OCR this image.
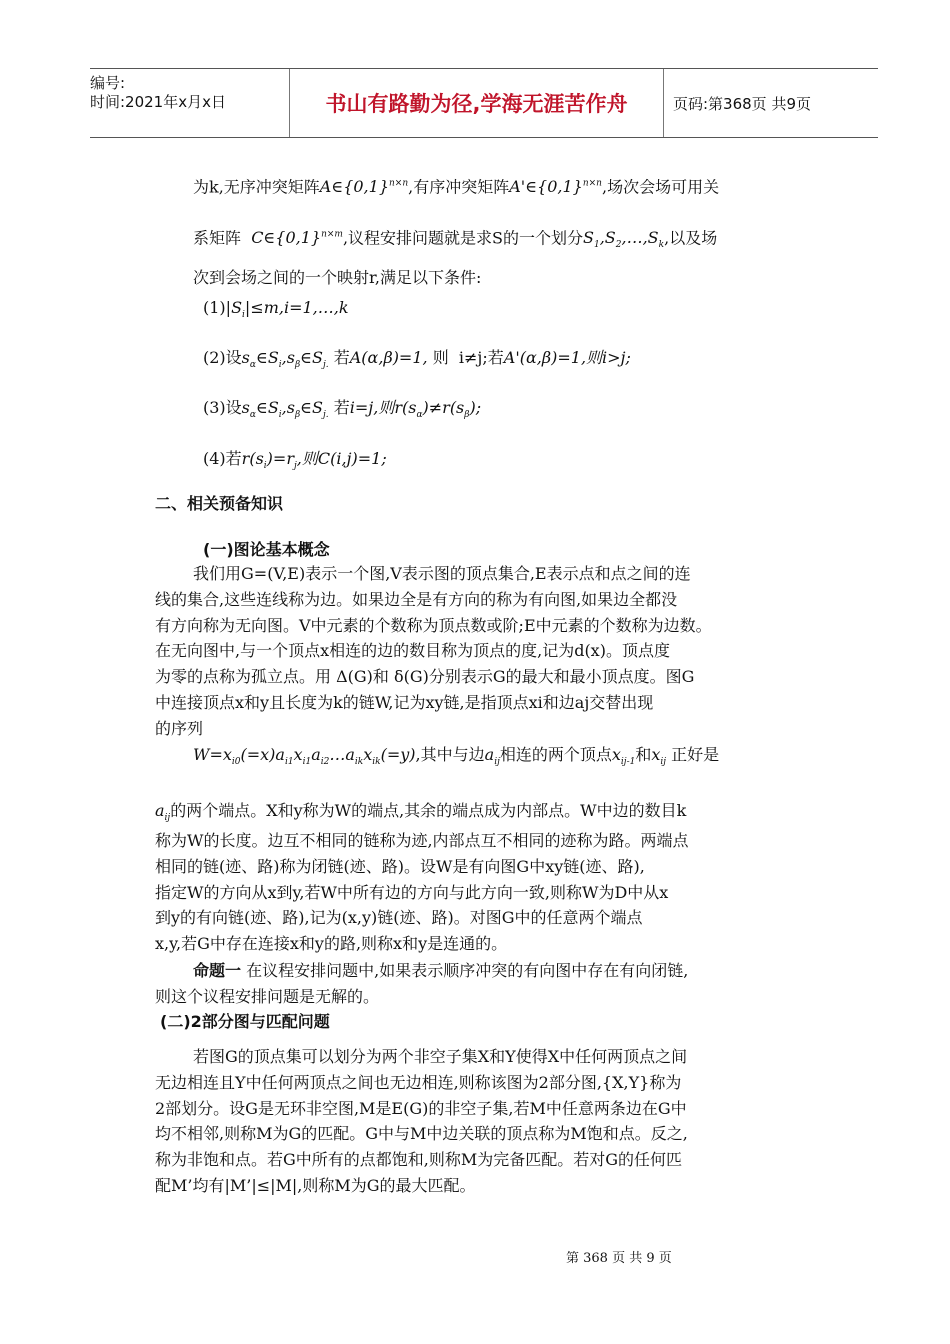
编号:
时间:2021年x月x日	书山有路勤为径,学海无涯苦作舟	页码:第368页 共9页
为k,无序冲突矩阵$A\in\{0,1\}^{n\times n}$,有序冲突矩阵$A'\in\{0,1\}^{n\times n}$,场次会场可用关
系矩阵 $C\in\{0,1\}^{n\times m}$,议程安排问题就是求S的一个划分$S_1,S_2,\dots,S_k$,以及场
次到会场之间的一个映射r,满足以下条件:
$(1)|S_i|\le m,i=1,\dots,k$
(2)设$s_\alpha\in S_i,s_\beta\in S_{j.}$ 若A(α,β)=1, 则 i≠j;若A'(α,β)=1,则i>j;
(3)设$s_\alpha\in S_i,s_\beta\in S_{j.}$ 若i=j,则$r(s_\alpha)\ne r(s_\beta)$;
(4)若$r(s_i)=r_j$,则C(i,j)=1;
二、相关预备知识
(一)图论基本概念
我们用G=(V,E)表示一个图,V表示图的顶点集合,E表示点和点之间的连
线的集合,这些连线称为边。如果边全是有方向的称为有向图,如果边全都没
有方向称为无向图。V中元素的个数称为顶点数或阶;E中元素的个数称为边数。
在无向图中,与一个顶点x相连的边的数目称为顶点的度,记为d(x)。顶点度
为零的点称为孤立点。用 Δ(G)和 δ(G)分别表示G的最大和最小顶点度。图G
中连接顶点x和y且长度为k的链W,记为xy链,是指顶点xi和边aj交替出现
的序列
$W=x_{i0}(=x)a_{i1}x_{i1}a_{i2}\dots a_{ik}x_{ik}(=y)$,其中与边$a_{ij}$相连的两个顶点$x_{ij-1}$和$x_{ij}$ 正好是
$a_{ij}$的两个端点。X和y称为W的端点,其余的端点成为内部点。W中边的数目k
称为W的长度。边互不相同的链称为迹,内部点互不相同的迹称为路。两端点
相同的链(迹、路)称为闭链(迹、路)。设W是有向图G中xy链(迹、路),
指定W的方向从x到y,若W中所有边的方向与此方向一致,则称W为D中从x
到y的有向链(迹、路),记为(x,y)链(迹、路)。对图G中的任意两个端点
x,y,若G中存在连接x和y的路,则称x和y是连通的。
命题一 在议程安排问题中,如果表示顺序冲突的有向图中存在有向闭链,
则这个议程安排问题是无解的。
(二)2部分图与匹配问题
若图G的顶点集可以划分为两个非空子集X和Y使得X中任何两顶点之间
无边相连且Y中任何两顶点之间也无边相连,则称该图为2部分图,{X,Y}称为
2部划分。设G是无环非空图,M是E(G)的非空子集,若M中任意两条边在G中
均不相邻,则称M为G的匹配。G中与M中边关联的顶点称为M饱和点。反之,
称为非饱和点。若G中所有的点都饱和,则称M为完备匹配。若对G的任何匹
配M’均有|M’|≤|M|,则称M为G的最大匹配。
第 368 页 共 9 页
